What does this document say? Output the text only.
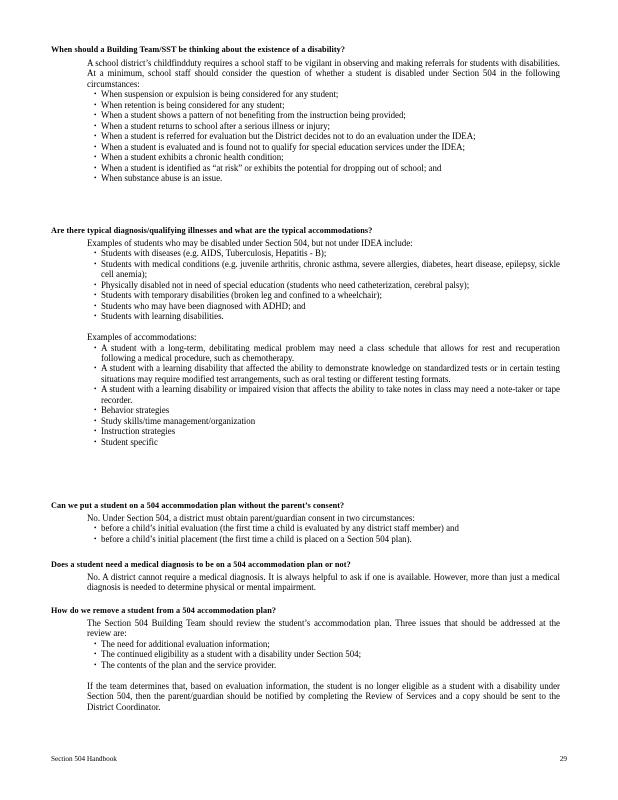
When should a Building Team/SST be thinking about the existence of a disability?

A school district’s childfindduty requires a school staff to be vigilant in observing and making referrals for students with disabilities. At a minimum, school staff should consider the question of whether a student is disabled under Section 504 in the following circumstances:

• When suspension or expulsion is being considered for any student;
• When retention is being considered for any student;
• When a student shows a pattern of not benefiting from the instruction being provided;
• When a student returns to school after a serious illness or injury;
• When a student is referred for evaluation but the District decides not to do an evaluation under the IDEA;
• When a student is evaluated and is found not to qualify for special education services under the IDEA;
• When a student exhibits a chronic health condition;
• When a student is identified as “at risk” or exhibits the potential for dropping out of school; and
• When substance abuse is an issue.
Are there typical diagnosis/qualifying illnesses and what are the typical accommodations?

Examples of students who may be disabled under Section 504, but not under IDEA include:

• Students with diseases (e.g. AIDS, Tuberculosis, Hepatitis - B);
• Students with medical conditions (e.g. juvenile arthritis, chronic asthma, severe allergies, diabetes, heart disease, epilepsy, sickle cell anemia);
• Physically disabled not in need of special education (students who need catheterization, cerebral palsy);
• Students with temporary disabilities (broken leg and confined to a wheelchair);
• Students who may have been diagnosed with ADHD; and
• Students with learning disabilities.

Examples of accommodations:

• A student with a long-term, debilitating medical problem may need a class schedule that allows for rest and recuperation following a medical procedure, such as chemotherapy.
• A student with a learning disability that affected the ability to demonstrate knowledge on standardized tests or in certain testing situations may require modified test arrangements, such as oral testing or different testing formats.
• A student with a learning disability or impaired vision that affects the ability to take notes in class may need a note-taker or tape recorder.
• Behavior strategies
• Study skills/time management/organization
• Instruction strategies
• Student specific
Can we put a student on a 504 accommodation plan without the parent’s consent?

No. Under Section 504, a district must obtain parent/guardian consent in two circumstances:

• before a child’s initial evaluation (the first time a child is evaluated by any district staff member) and
• before a child’s initial placement (the first time a child is placed on a Section 504 plan).
Does a student need a medical diagnosis to be on a 504 accommodation plan or not?

No. A district cannot require a medical diagnosis. It is always helpful to ask if one is available. However, more than just a medical diagnosis is needed to determine physical or mental impairment.

How do we remove a student from a 504 accommodation plan?

The Section 504 Building Team should review the student’s accommodation plan. Three issues that should be addressed at the review are:

• The need for additional evaluation information;
• The continued eligibility as a student with a disability under Section 504;
• The contents of the plan and the service provider.

If the team determines that, based on evaluation information, the student is no longer eligible as a student with a disability under Section 504, then the parent/guardian should be notified by completing the Review of Services and a copy should be sent to the District Coordinator.

Section 504 Handbook	29
